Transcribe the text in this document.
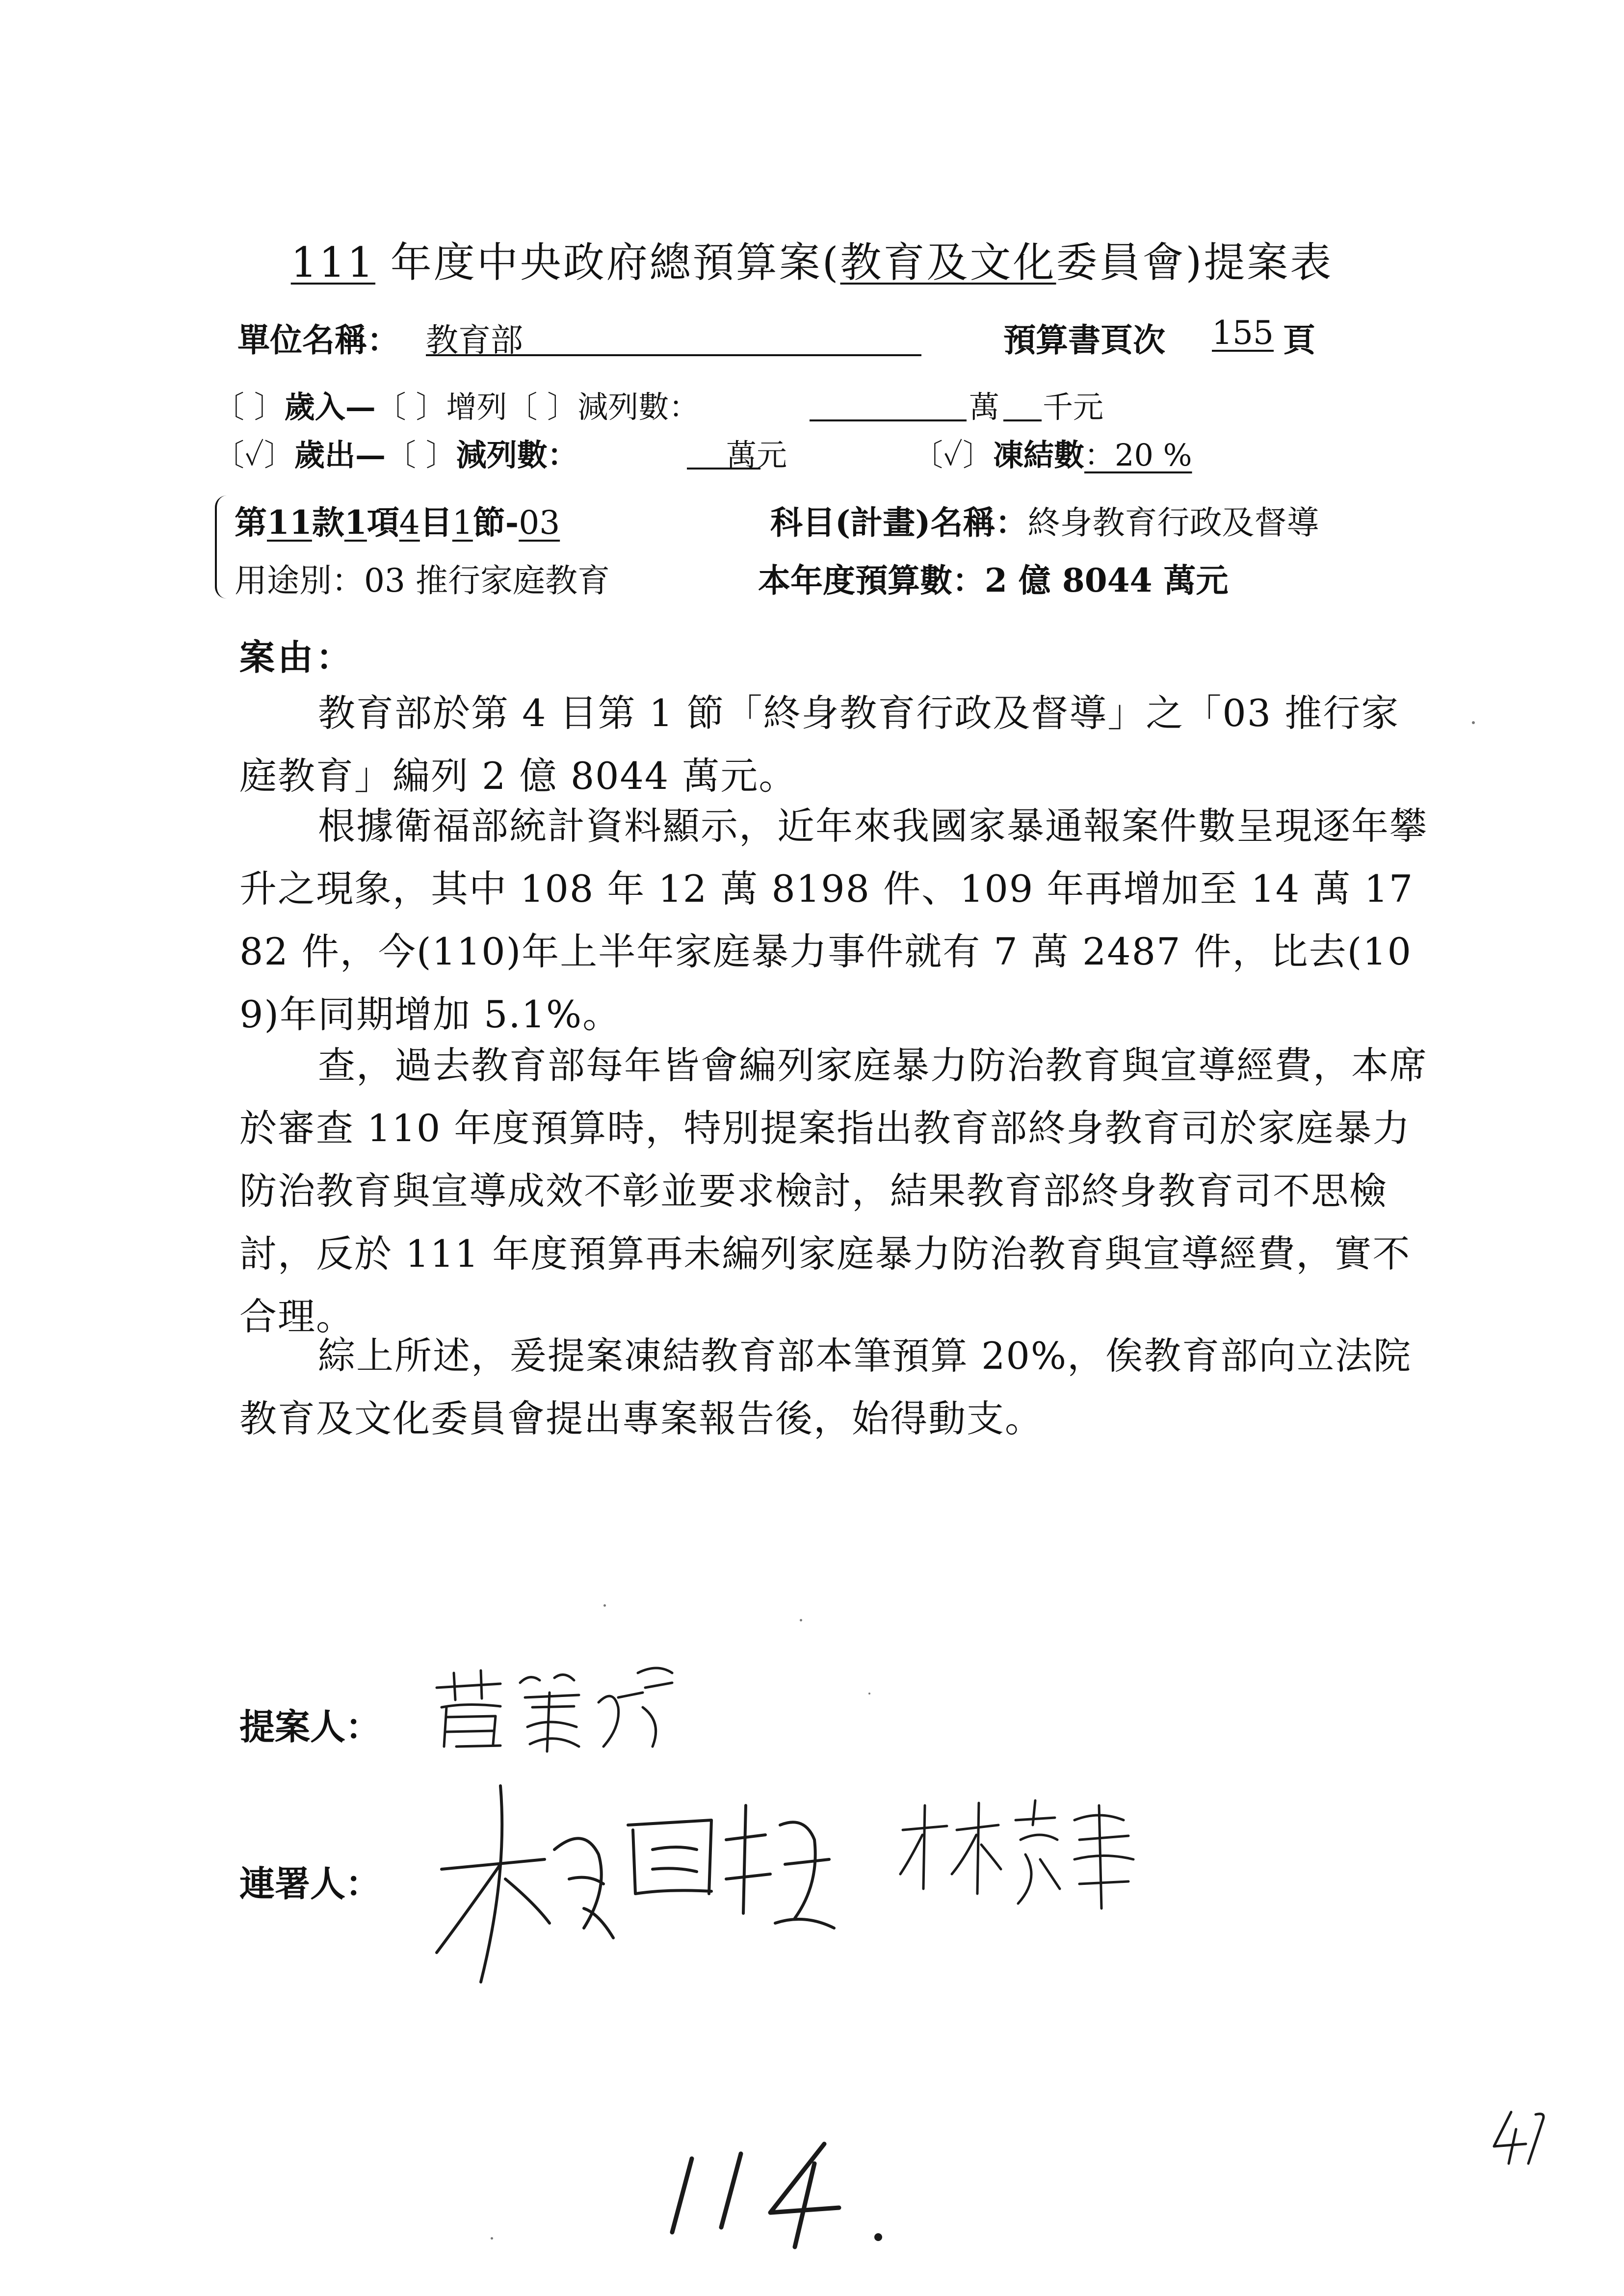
111 年度中央政府總預算案(教育及文化委員會)提案表
單位名稱： 教育部	預算書頁次 155 頁
〔 〕歲入—〔 〕增列〔 〕減列數：	萬 千元
〔✓〕歲出—〔 〕減列數：	萬元	〔✓〕凍結數：20 %
第11款1項4目1節-03	科目(計畫)名稱：終身教育行政及督導
用途別：03 推行家庭教育	本年度預算數：2 億 8044 萬元
案由：
教育部於第 4 目第 1 節「終身教育行政及督導」之「03 推行家庭教育」編列 2 億 8044 萬元。
根據衛福部統計資料顯示，近年來我國家暴通報案件數呈現逐年攀升之現象，其中 108 年 12 萬 8198 件、109 年再增加至 14 萬 1782 件，今(110)年上半年家庭暴力事件就有 7 萬 2487 件，比去(109)年同期增加 5.1%。
查，過去教育部每年皆會編列家庭暴力防治教育與宣導經費，本席於審查 110 年度預算時，特別提案指出教育部終身教育司於家庭暴力防治教育與宣導成效不彰並要求檢討，結果教育部終身教育司不思檢討，反於 111 年度預算再未編列家庭暴力防治教育與宣導經費，實不合理。
綜上所述，爰提案凍結教育部本筆預算 20%，俟教育部向立法院教育及文化委員會提出專案報告後，始得動支。
提案人：
連署人：
